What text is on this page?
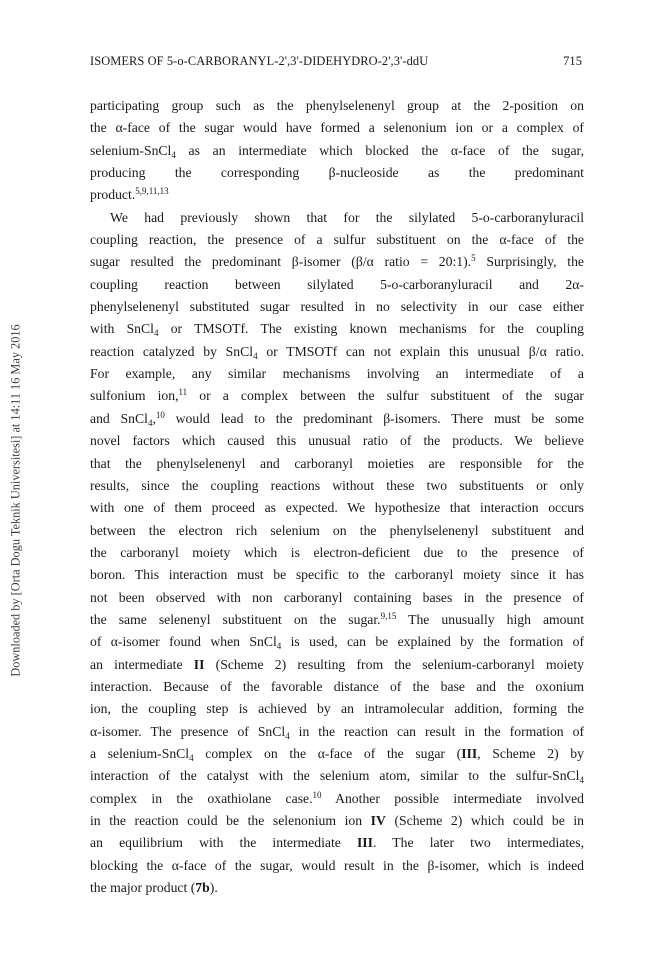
ISOMERS OF 5-o-CARBORANYL-2',3'-DIDEHYDRO-2',3'-ddU	715
Downloaded by [Orta Dogu Teknik Universitesi] at 14:11 16 May 2016
participating group such as the phenylselenenyl group at the 2-position on
the α-face of the sugar would have formed a selenonium ion or a complex of
selenium-SnCl$_4$ as an intermediate which blocked the α-face of the sugar,
producing the corresponding β-nucleoside as the predominant
product.$^{5,9,11,13}$
We had previously shown that for the silylated 5-o-carboranyluracil
coupling reaction, the presence of a sulfur substituent on the α-face of the
sugar resulted the predominant β-isomer (β/α ratio = 20:1).$^5$ Surprisingly, the
coupling reaction between silylated 5-o-carboranyluracil and 2α-
phenylselenenyl substituted sugar resulted in no selectivity in our case either
with SnCl$_4$ or TMSOTf. The existing known mechanisms for the coupling
reaction catalyzed by SnCl$_4$ or TMSOTf can not explain this unusual β/α ratio.
For example, any similar mechanisms involving an intermediate of a
sulfonium ion,$^{11}$ or a complex between the sulfur substituent of the sugar
and SnCl$_4$,$^{10}$ would lead to the predominant β-isomers. There must be some
novel factors which caused this unusual ratio of the products. We believe
that the phenylselenenyl and carboranyl moieties are responsible for the
results, since the coupling reactions without these two substituents or only
with one of them proceed as expected. We hypothesize that interaction occurs
between the electron rich selenium on the phenylselenenyl substituent and
the carboranyl moiety which is electron-deficient due to the presence of
boron. This interaction must be specific to the carboranyl moiety since it has
not been observed with non carboranyl containing bases in the presence of
the same selenenyl substituent on the sugar.$^{9,15}$ The unusually high amount
of α-isomer found when SnCl$_4$ is used, can be explained by the formation of
an intermediate II (Scheme 2) resulting from the selenium-carboranyl moiety
interaction. Because of the favorable distance of the base and the oxonium
ion, the coupling step is achieved by an intramolecular addition, forming the
α-isomer. The presence of SnCl$_4$ in the reaction can result in the formation of
a selenium-SnCl$_4$ complex on the α-face of the sugar (III, Scheme 2) by
interaction of the catalyst with the selenium atom, similar to the sulfur-SnCl$_4$
complex in the oxathiolane case.$^{10}$ Another possible intermediate involved
in the reaction could be the selenonium ion IV (Scheme 2) which could be in
an equilibrium with the intermediate III. The later two intermediates,
blocking the α-face of the sugar, would result in the β-isomer, which is indeed
the major product (7b).
